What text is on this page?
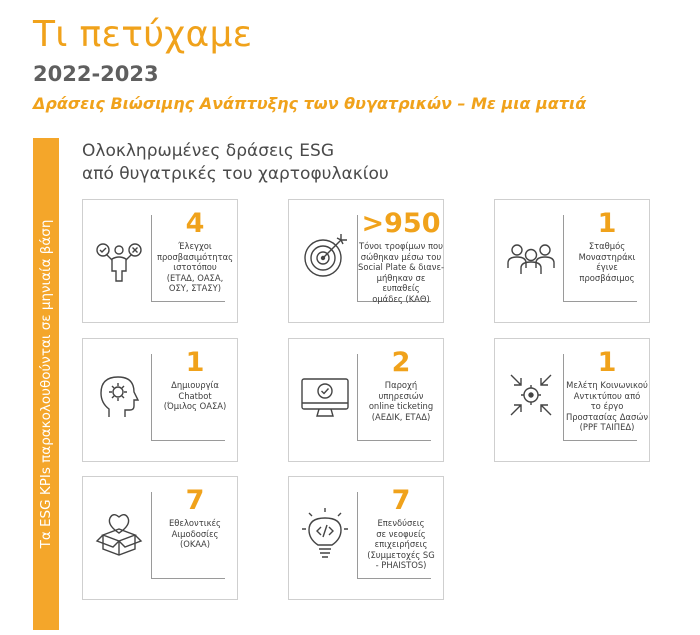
Τι πετύχαμε
2022-2023
Δράσεις Βιώσιμης Ανάπτυξης των θυγατρικών – Με μια ματιά
Τα ESG KPIs παρακολουθούνται σε μηνιαία βάση
Ολοκληρωμένες δράσεις ESG
από θυγατρικές του χαρτοφυλακίου
4
Έλεγχοι
προσβασιμότητας
ιστοτόπου
(ΕΤΑΔ, ΟΑΣΑ,
ΟΣΥ, ΣΤΑΣΥ)
>950
Τόνοι τροφίμων που
σώθηκαν μέσω του
Social Plate & διανε-
μήθηκαν σε ευπαθείς
ομάδες (ΚΑΘ)
1
Σταθμός
Μοναστηράκι
έγινε
προσβάσιμος
1
Δημιουργία
Chatbot
(Όμιλος ΟΑΣΑ)
2
Παροχή
υπηρεσιών
online ticketing
(ΑΕΔΙΚ, ΕΤΑΔ)
1
Μελέτη Κοινωνικού
Αντικτύπου από
το έργο
Προστασίας Δασών
(PPF ΤΑΙΠΕΔ)
7
Εθελοντικές
Αιμοδοσίες
(ΟΚΑΑ)
7
Επενδύσεις
σε νεοφυείς
επιχειρήσεις
(Συμμετοχές SG
- PHAISTOS)
